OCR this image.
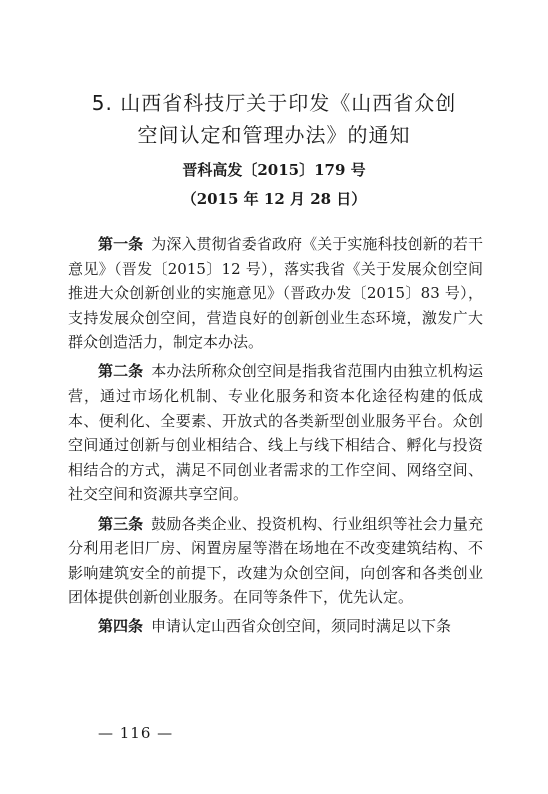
5. 山西省科技厅关于印发《山西省众创
空间认定和管理办法》的通知
晋科高发〔2015〕179 号
（2015 年 12 月 28 日）

第一条 为深入贯彻省委省政府《关于实施科技创新的若干意见》（晋发〔2015〕12 号），落实我省《关于发展众创空间推进大众创新创业的实施意见》（晋政办发〔2015〕83 号），支持发展众创空间，营造良好的创新创业生态环境，激发广大群众创造活力，制定本办法。

第二条 本办法所称众创空间是指我省范围内由独立机构运营，通过市场化机制、专业化服务和资本化途径构建的低成本、便利化、全要素、开放式的各类新型创业服务平台。众创空间通过创新与创业相结合、线上与线下相结合、孵化与投资相结合的方式，满足不同创业者需求的工作空间、网络空间、社交空间和资源共享空间。

第三条 鼓励各类企业、投资机构、行业组织等社会力量充分利用老旧厂房、闲置房屋等潜在场地在不改变建筑结构、不影响建筑安全的前提下，改建为众创空间，向创客和各类创业团体提供创新创业服务。在同等条件下，优先认定。

第四条 申请认定山西省众创空间，须同时满足以下条

— 116 —
